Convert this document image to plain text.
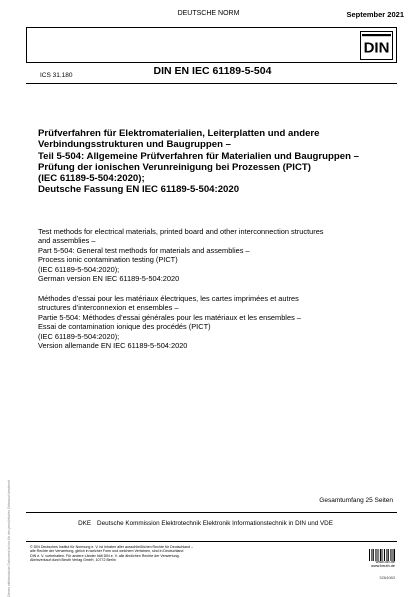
DEUTSCHE NORM	September 2021
DIN EN IEC 61189-5-504
DIN
ICS 31.180
Prüfverfahren für Elektromaterialien, Leiterplatten und andere
Verbindungsstrukturen und Baugruppen –
Teil 5-504: Allgemeine Prüfverfahren für Materialien und Baugruppen –
Prüfung der ionischen Verunreinigung bei Prozessen (PICT)
(IEC 61189-5-504:2020);
Deutsche Fassung EN IEC 61189-5-504:2020
Test methods for electrical materials, printed board and other interconnection structures
and assemblies –
Part 5-504: General test methods for materials and assemblies –
Process ionic contamination testing (PICT)
(IEC 61189-5-504:2020);
German version EN IEC 61189-5-504:2020
Méthodes d’essai pour les matériaux électriques, les cartes imprimées et autres
structures d’interconnexion et ensembles –
Partie 5-504: Méthodes d’essai générales pour les matériaux et les ensembles –
Essai de contamination ionique des procédés (PICT)
(IEC 61189-5-504:2020);
Version allemande EN IEC 61189-5-504:2020
Gesamtumfang 25 Seiten
DKE Deutsche Kommission Elektrotechnik Elektronik Informationstechnik in DIN und VDE
© DIN Deutsches Institut für Normung e. V. ist Inhaber aller ausschließlichen Rechte für Deutschland –
alle Rechte der Verwertung, gleich in welcher Form und welchem Verfahren, sind in Deutschland
DIN e. V. vorbehalten. Für andere Länder hält DIN e. V. alle ähnlichen Rechte der Verwertung.
Alleinverkauf durch Beuth Verlag GmbH, 10772 Berlin	www.din.de
www.beuth.de
3264083
Dieses elektronische Dokument ist nur für den persönlichen Gebrauch bestimmt
